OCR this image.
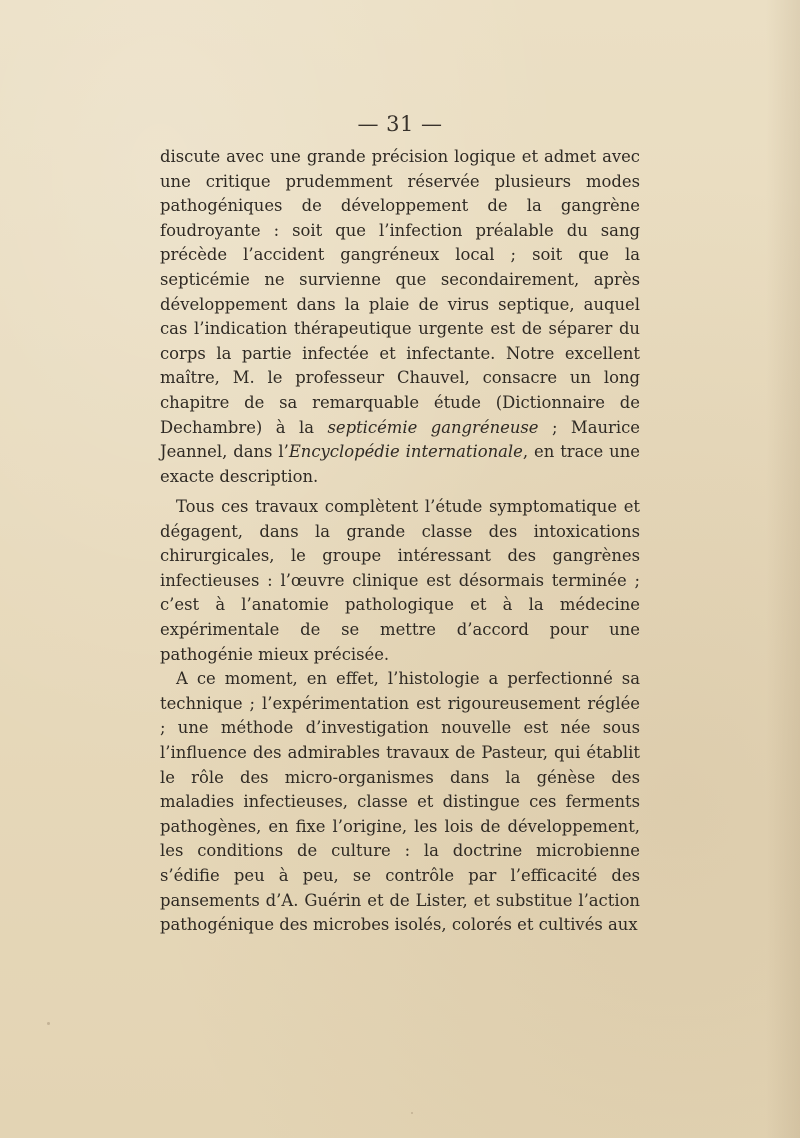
— 31 —

discute avec une grande précision logique et admet avec une critique prudemment réservée plusieurs modes pathogéniques de développement de la gangrène foudroyante : soit que l’infection préalable du sang précède l’accident gangréneux local ; soit que la septicémie ne survienne que secondairement, après développement dans la plaie de virus septique, auquel cas l’indication thérapeutique urgente est de séparer du corps la partie infectée et infectante. Notre excellent maître, M. le professeur Chauvel, consacre un long chapitre de sa remarquable étude (Dictionnaire de Dechambre) à la septicémie gangréneuse ; Maurice Jeannel, dans l’Encyclopédie internationale, en trace une exacte description.

Tous ces travaux complètent l’étude symptomatique et dégagent, dans la grande classe des intoxications chirurgicales, le groupe intéressant des gangrènes infectieuses : l’œuvre clinique est désormais terminée ; c’est à l’anatomie pathologique et à la médecine expérimentale de se mettre d’accord pour une pathogénie mieux précisée.

A ce moment, en effet, l’histologie a perfectionné sa technique ; l’expérimentation est rigoureusement réglée ; une méthode d’investigation nouvelle est née sous l’influence des admirables travaux de Pasteur, qui établit le rôle des micro-organismes dans la génèse des maladies infectieuses, classe et distingue ces ferments pathogènes, en fixe l’origine, les lois de développement, les conditions de culture : la doctrine microbienne s’édifie peu à peu, se contrôle par l’efficacité des pansements d’A. Guérin et de Lister, et substitue l’action pathogénique des microbes isolés, colorés et cultivés aux
